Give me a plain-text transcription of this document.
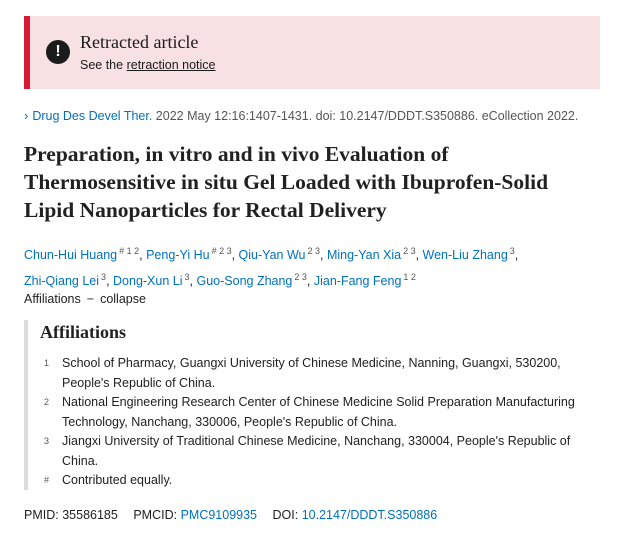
!	Retracted article
See the retraction notice
› Drug Des Devel Ther. 2022 May 12:16:1407-1431. doi: 10.2147/DDDT.S350886. eCollection 2022.
Preparation, in vitro and in vivo Evaluation of Thermosensitive in situ Gel Loaded with Ibuprofen-Solid Lipid Nanoparticles for Rectal Delivery
Chun-Hui Huang $^{\# 1 2}$, Peng-Yi Hu $^{\# 2 3}$, Qiu-Yan Wu $^{2 3}$, Ming-Yan Xia $^{2 3}$, Wen-Liu Zhang $^3$,
Zhi-Qiang Lei $^3$, Dong-Xun Li $^3$, Guo-Song Zhang $^{2 3}$, Jian-Fang Feng $^{1 2}$
Affiliations − collapse
Affiliations
1 School of Pharmacy, Guangxi University of Chinese Medicine, Nanning, Guangxi, 530200, People's Republic of China.
2 National Engineering Research Center of Chinese Medicine Solid Preparation Manufacturing Technology, Nanchang, 330006, People's Republic of China.
3 Jiangxi University of Traditional Chinese Medicine, Nanchang, 330004, People's Republic of China.
# Contributed equally.
PMID: 35586185 PMCID: PMC9109935 DOI: 10.2147/DDDT.S350886
